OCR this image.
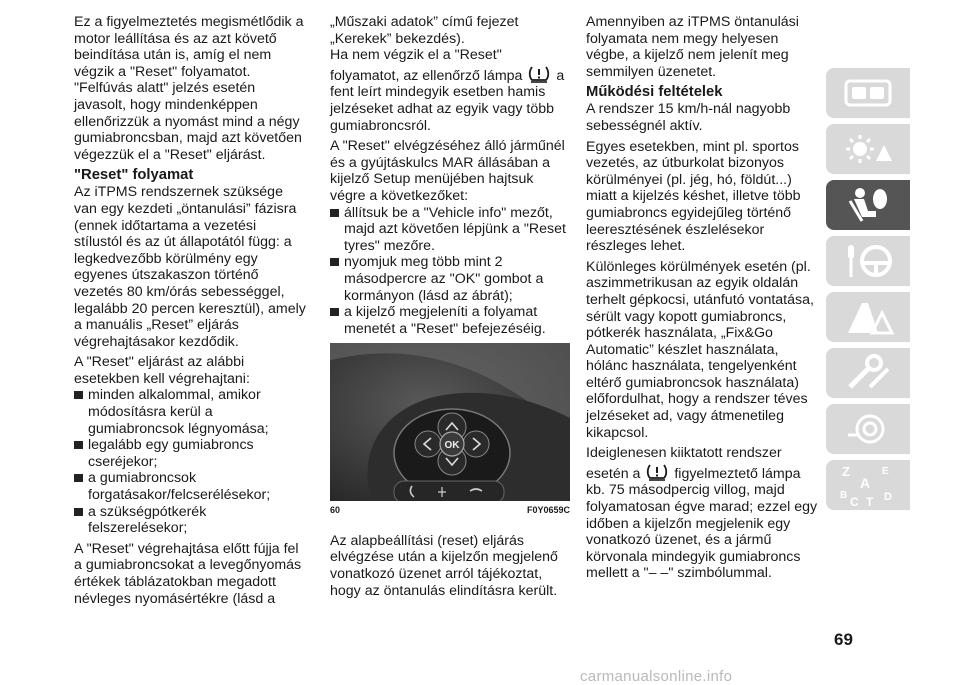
Ez a figyelmeztetés megismétlődik a motor leállítása és az azt követő beindítása után is, amíg el nem végzik a "Reset" folyamatot. "Felfúvás alatt" jelzés esetén javasolt, hogy mindenképpen ellenőrizzük a nyomást mind a négy gumiabroncsban, majd azt követően végezzük el a "Reset" eljárást.

"Reset" folyamat

Az iTPMS rendszernek szüksége van egy kezdeti „öntanulási” fázisra (ennek időtartama a vezetési stílustól és az út állapotától függ: a legkedvezőbb körülmény egy egyenes útszakaszon történő vezetés 80 km/órás sebességgel, legalább 20 percen keresztül), amely a manuális „Reset” eljárás végrehajtásakor kezdődik.

A "Reset" eljárást az alábbi esetekben kell végrehajtani:

minden alkalommal, amikor módosításra kerül a gumiabroncsok légnyomása;
legalább egy gumiabroncs cseréjekor;
a gumiabroncsok forgatásakor/felcserélésekor;
a szükségpótkerék felszerelésekor;

A "Reset" végrehajtása előtt fújja fel a gumiabroncsokat a levegőnyomás értékek táblázatokban megadott névleges nyomásértékre (lásd a

„Műszaki adatok” című fejezet „Kerekek” bekezdés).

Ha nem végzik el a "Reset" folyamatot, az ellenőrző lámpa a fent leírt mindegyik esetben hamis jelzéseket adhat az egyik vagy több gumiabroncsról.

A "Reset" elvégzéséhez álló járműnél és a gyújtáskulcs MAR állásában a kijelző Setup menüjében hajtsuk végre a következőket:

állítsuk be a "Vehicle info" mezőt, majd azt követően lépjünk a "Reset tyres" mezőre.
nyomjuk meg több mint 2 másodpercre az "OK" gombot a kormányon (lásd az ábrát);
a kijelző megjeleníti a folyamat menetét a "Reset" befejezéséig.
OK
60	F0Y0659C

Az alapbeállítási (reset) eljárás elvégzése után a kijelzőn megjelenő vonatkozó üzenet arról tájékoztat, hogy az öntanulás elindításra került.

Amennyiben az iTPMS öntanulási folyamata nem megy helyesen végbe, a kijelző nem jelenít meg semmilyen üzenetet.

Működési feltételek

A rendszer 15 km/h-nál nagyobb sebességnél aktív.

Egyes esetekben, mint pl. sportos vezetés, az útburkolat bizonyos körülményei (pl. jég, hó, földút...) miatt a kijelzés késhet, illetve több gumiabroncs egyidejűleg történő leeresztésének észlelésekor részleges lehet.

Különleges körülmények esetén (pl. aszimmetrikusan az egyik oldalán terhelt gépkocsi, utánfutó vontatása, sérült vagy kopott gumiabroncs, pótkerék használata, „Fix&Go Automatic” készlet használata, hólánc használata, tengelyenként eltérő gumiabroncsok használata) előfordulhat, hogy a rendszer téves jelzéseket ad, vagy átmenetileg kikapcsol.

Ideiglenesen kiiktatott rendszer esetén a figyelmeztető lámpa kb. 75 másodpercig villog, majd folyamatosan égve marad; ezzel egy időben a kijelzőn megjelenik egy vonatkozó üzenet, és a jármű körvonala mindegyik gumiabroncs mellett a "– –" szimbólummal.

Z	E
A
B C T D
69
carmanualsonline.info
